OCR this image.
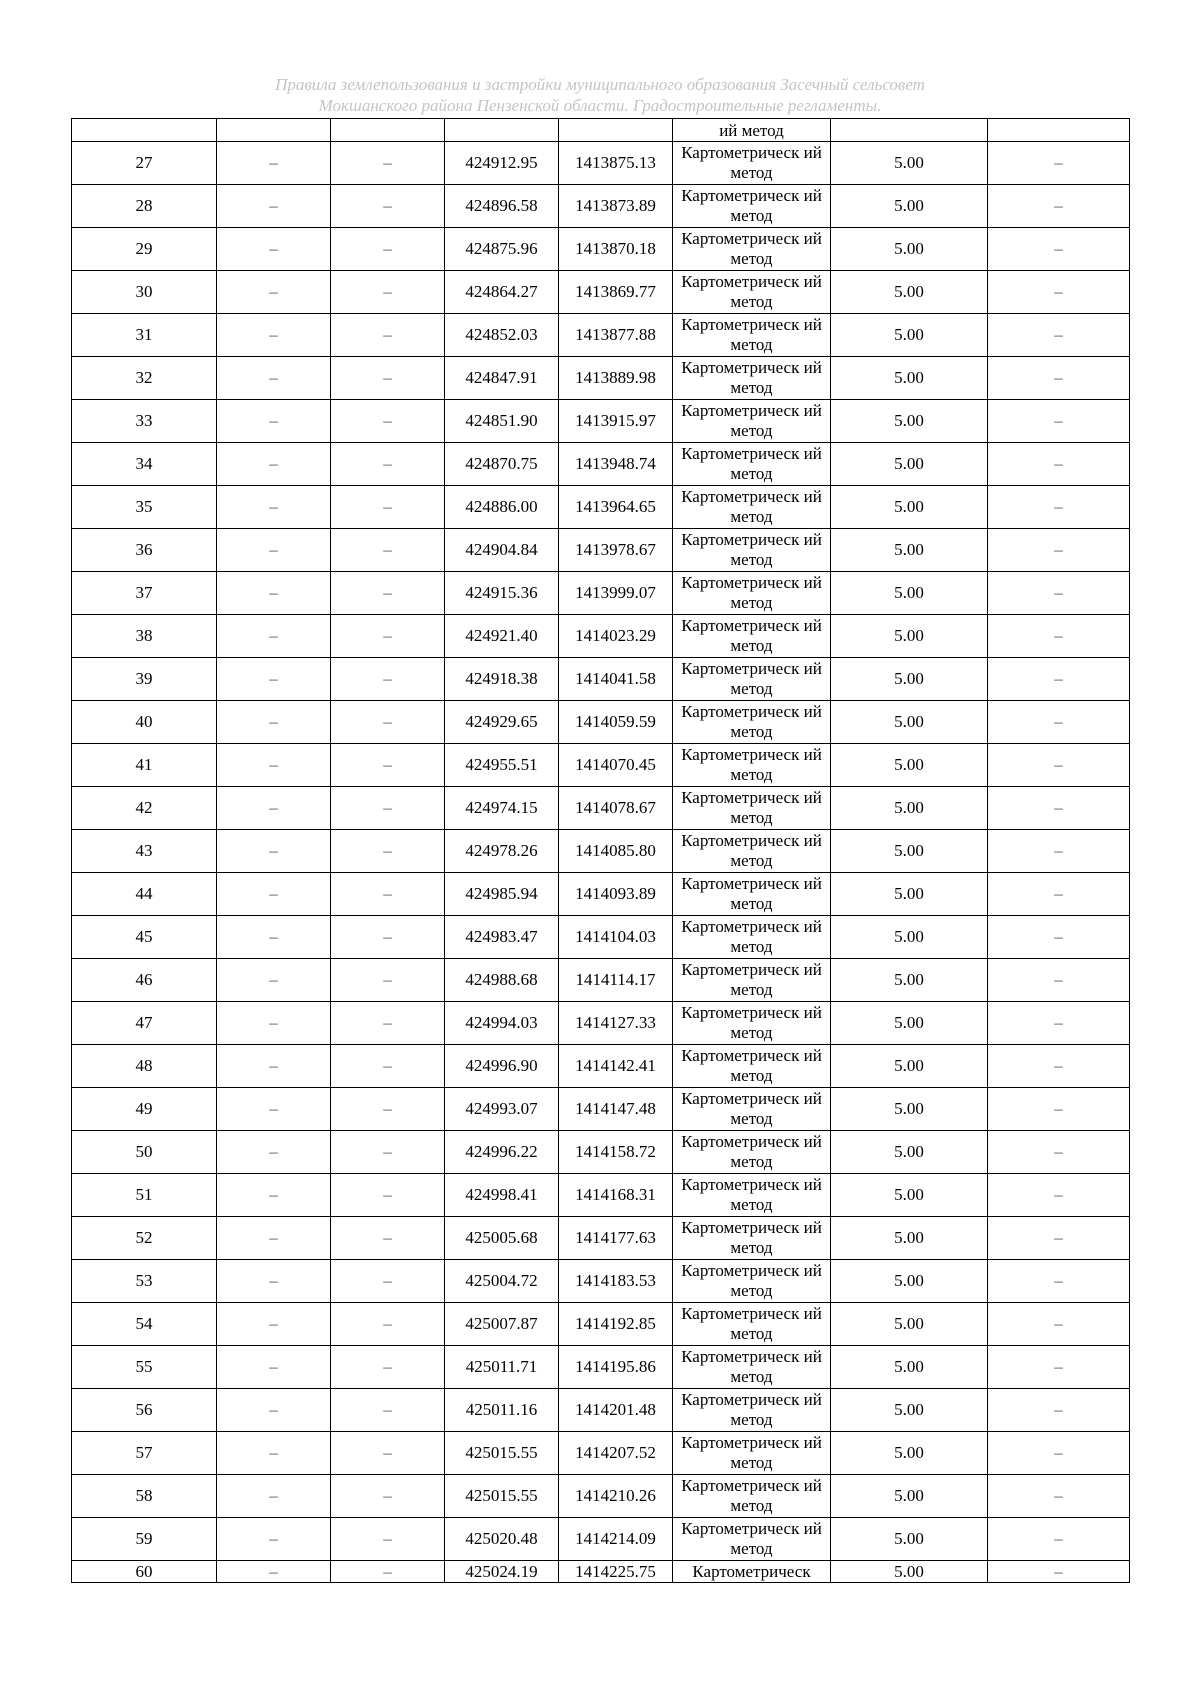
Правила землепользования и застройки муниципального образования Засечный сельсовет
Мокшанского района Пензенской области. Градостроительные регламенты.
					ий метод		
27	–	–	424912.95	1413875.13	Картометрическ ий метод	5.00	–
28	–	–	424896.58	1413873.89	Картометрическ ий метод	5.00	–
29	–	–	424875.96	1413870.18	Картометрическ ий метод	5.00	–
30	–	–	424864.27	1413869.77	Картометрическ ий метод	5.00	–
31	–	–	424852.03	1413877.88	Картометрическ ий метод	5.00	–
32	–	–	424847.91	1413889.98	Картометрическ ий метод	5.00	–
33	–	–	424851.90	1413915.97	Картометрическ ий метод	5.00	–
34	–	–	424870.75	1413948.74	Картометрическ ий метод	5.00	–
35	–	–	424886.00	1413964.65	Картометрическ ий метод	5.00	–
36	–	–	424904.84	1413978.67	Картометрическ ий метод	5.00	–
37	–	–	424915.36	1413999.07	Картометрическ ий метод	5.00	–
38	–	–	424921.40	1414023.29	Картометрическ ий метод	5.00	–
39	–	–	424918.38	1414041.58	Картометрическ ий метод	5.00	–
40	–	–	424929.65	1414059.59	Картометрическ ий метод	5.00	–
41	–	–	424955.51	1414070.45	Картометрическ ий метод	5.00	–
42	–	–	424974.15	1414078.67	Картометрическ ий метод	5.00	–
43	–	–	424978.26	1414085.80	Картометрическ ий метод	5.00	–
44	–	–	424985.94	1414093.89	Картометрическ ий метод	5.00	–
45	–	–	424983.47	1414104.03	Картометрическ ий метод	5.00	–
46	–	–	424988.68	1414114.17	Картометрическ ий метод	5.00	–
47	–	–	424994.03	1414127.33	Картометрическ ий метод	5.00	–
48	–	–	424996.90	1414142.41	Картометрическ ий метод	5.00	–
49	–	–	424993.07	1414147.48	Картометрическ ий метод	5.00	–
50	–	–	424996.22	1414158.72	Картометрическ ий метод	5.00	–
51	–	–	424998.41	1414168.31	Картометрическ ий метод	5.00	–
52	–	–	425005.68	1414177.63	Картометрическ ий метод	5.00	–
53	–	–	425004.72	1414183.53	Картометрическ ий метод	5.00	–
54	–	–	425007.87	1414192.85	Картометрическ ий метод	5.00	–
55	–	–	425011.71	1414195.86	Картометрическ ий метод	5.00	–
56	–	–	425011.16	1414201.48	Картометрическ ий метод	5.00	–
57	–	–	425015.55	1414207.52	Картометрическ ий метод	5.00	–
58	–	–	425015.55	1414210.26	Картометрическ ий метод	5.00	–
59	–	–	425020.48	1414214.09	Картометрическ ий метод	5.00	–
60	–	–	425024.19	1414225.75	Картометрическ	5.00	–
